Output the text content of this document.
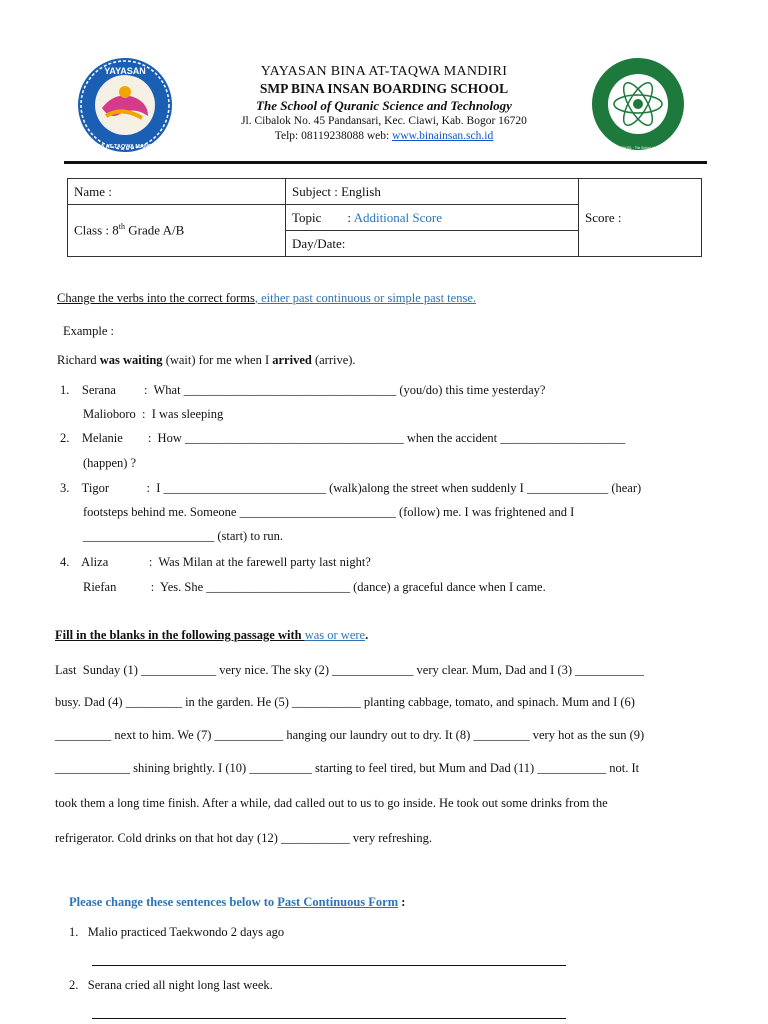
YAYASAN
BINA AT-TAQWA MANDIRI	SMP BINA INSAN BOARDING SCHOOL · The School of Quranic Science and Technology
YAYASAN BINA AT-TAQWA MANDIRI
SMP BINA INSAN BOARDING SCHOOL
The School of Quranic Science and Technology
Jl. Cibalok No. 45 Pandansari, Kec. Ciawi, Kab. Bogor 16720
Telp: 08119238088 web: www.binainsan.sch.id
Name :	Subject : English	Score :
Class : 8th Grade A/B	Topic        : Additional Score	
	Day/Date:	
Change the verbs into the correct forms, either past continuous or simple past tense.
Example :
Richard was waiting (wait) for me when I arrived (arrive).
1.    Serana         :  What __________________________________ (you/do) this time yesterday?
Malioboro  :  I was sleeping
2.    Melanie        :  How ___________________________________ when the accident ____________________
(happen) ?
3.    Tigor            :  I __________________________ (walk)along the street when suddenly I _____________ (hear)
footsteps behind me. Someone _________________________ (follow) me. I was frightened and I
_____________________ (start) to run.
4.    Aliza             :  Was Milan at the farewell party last night?
Riefan           :  Yes. She _______________________ (dance) a graceful dance when I came.
Fill in the blanks in the following passage with was or were.
Last  Sunday (1) ____________ very nice. The sky (2) _____________ very clear. Mum, Dad and I (3) ___________
busy. Dad (4) _________ in the garden. He (5) ___________ planting cabbage, tomato, and spinach. Mum and I (6)
_________ next to him. We (7) ___________ hanging our laundry out to dry. It (8) _________ very hot as the sun (9)
____________ shining brightly. I (10) __________ starting to feel tired, but Mum and Dad (11) ___________ not. It
took them a long time finish. After a while, dad called out to us to go inside. He took out some drinks from the
refrigerator. Cold drinks on that hot day (12) ___________ very refreshing.
Please change these sentences below to Past Continuous Form :
1.   Malio practiced Taekwondo 2 days ago
2.   Serana cried all night long last week.
